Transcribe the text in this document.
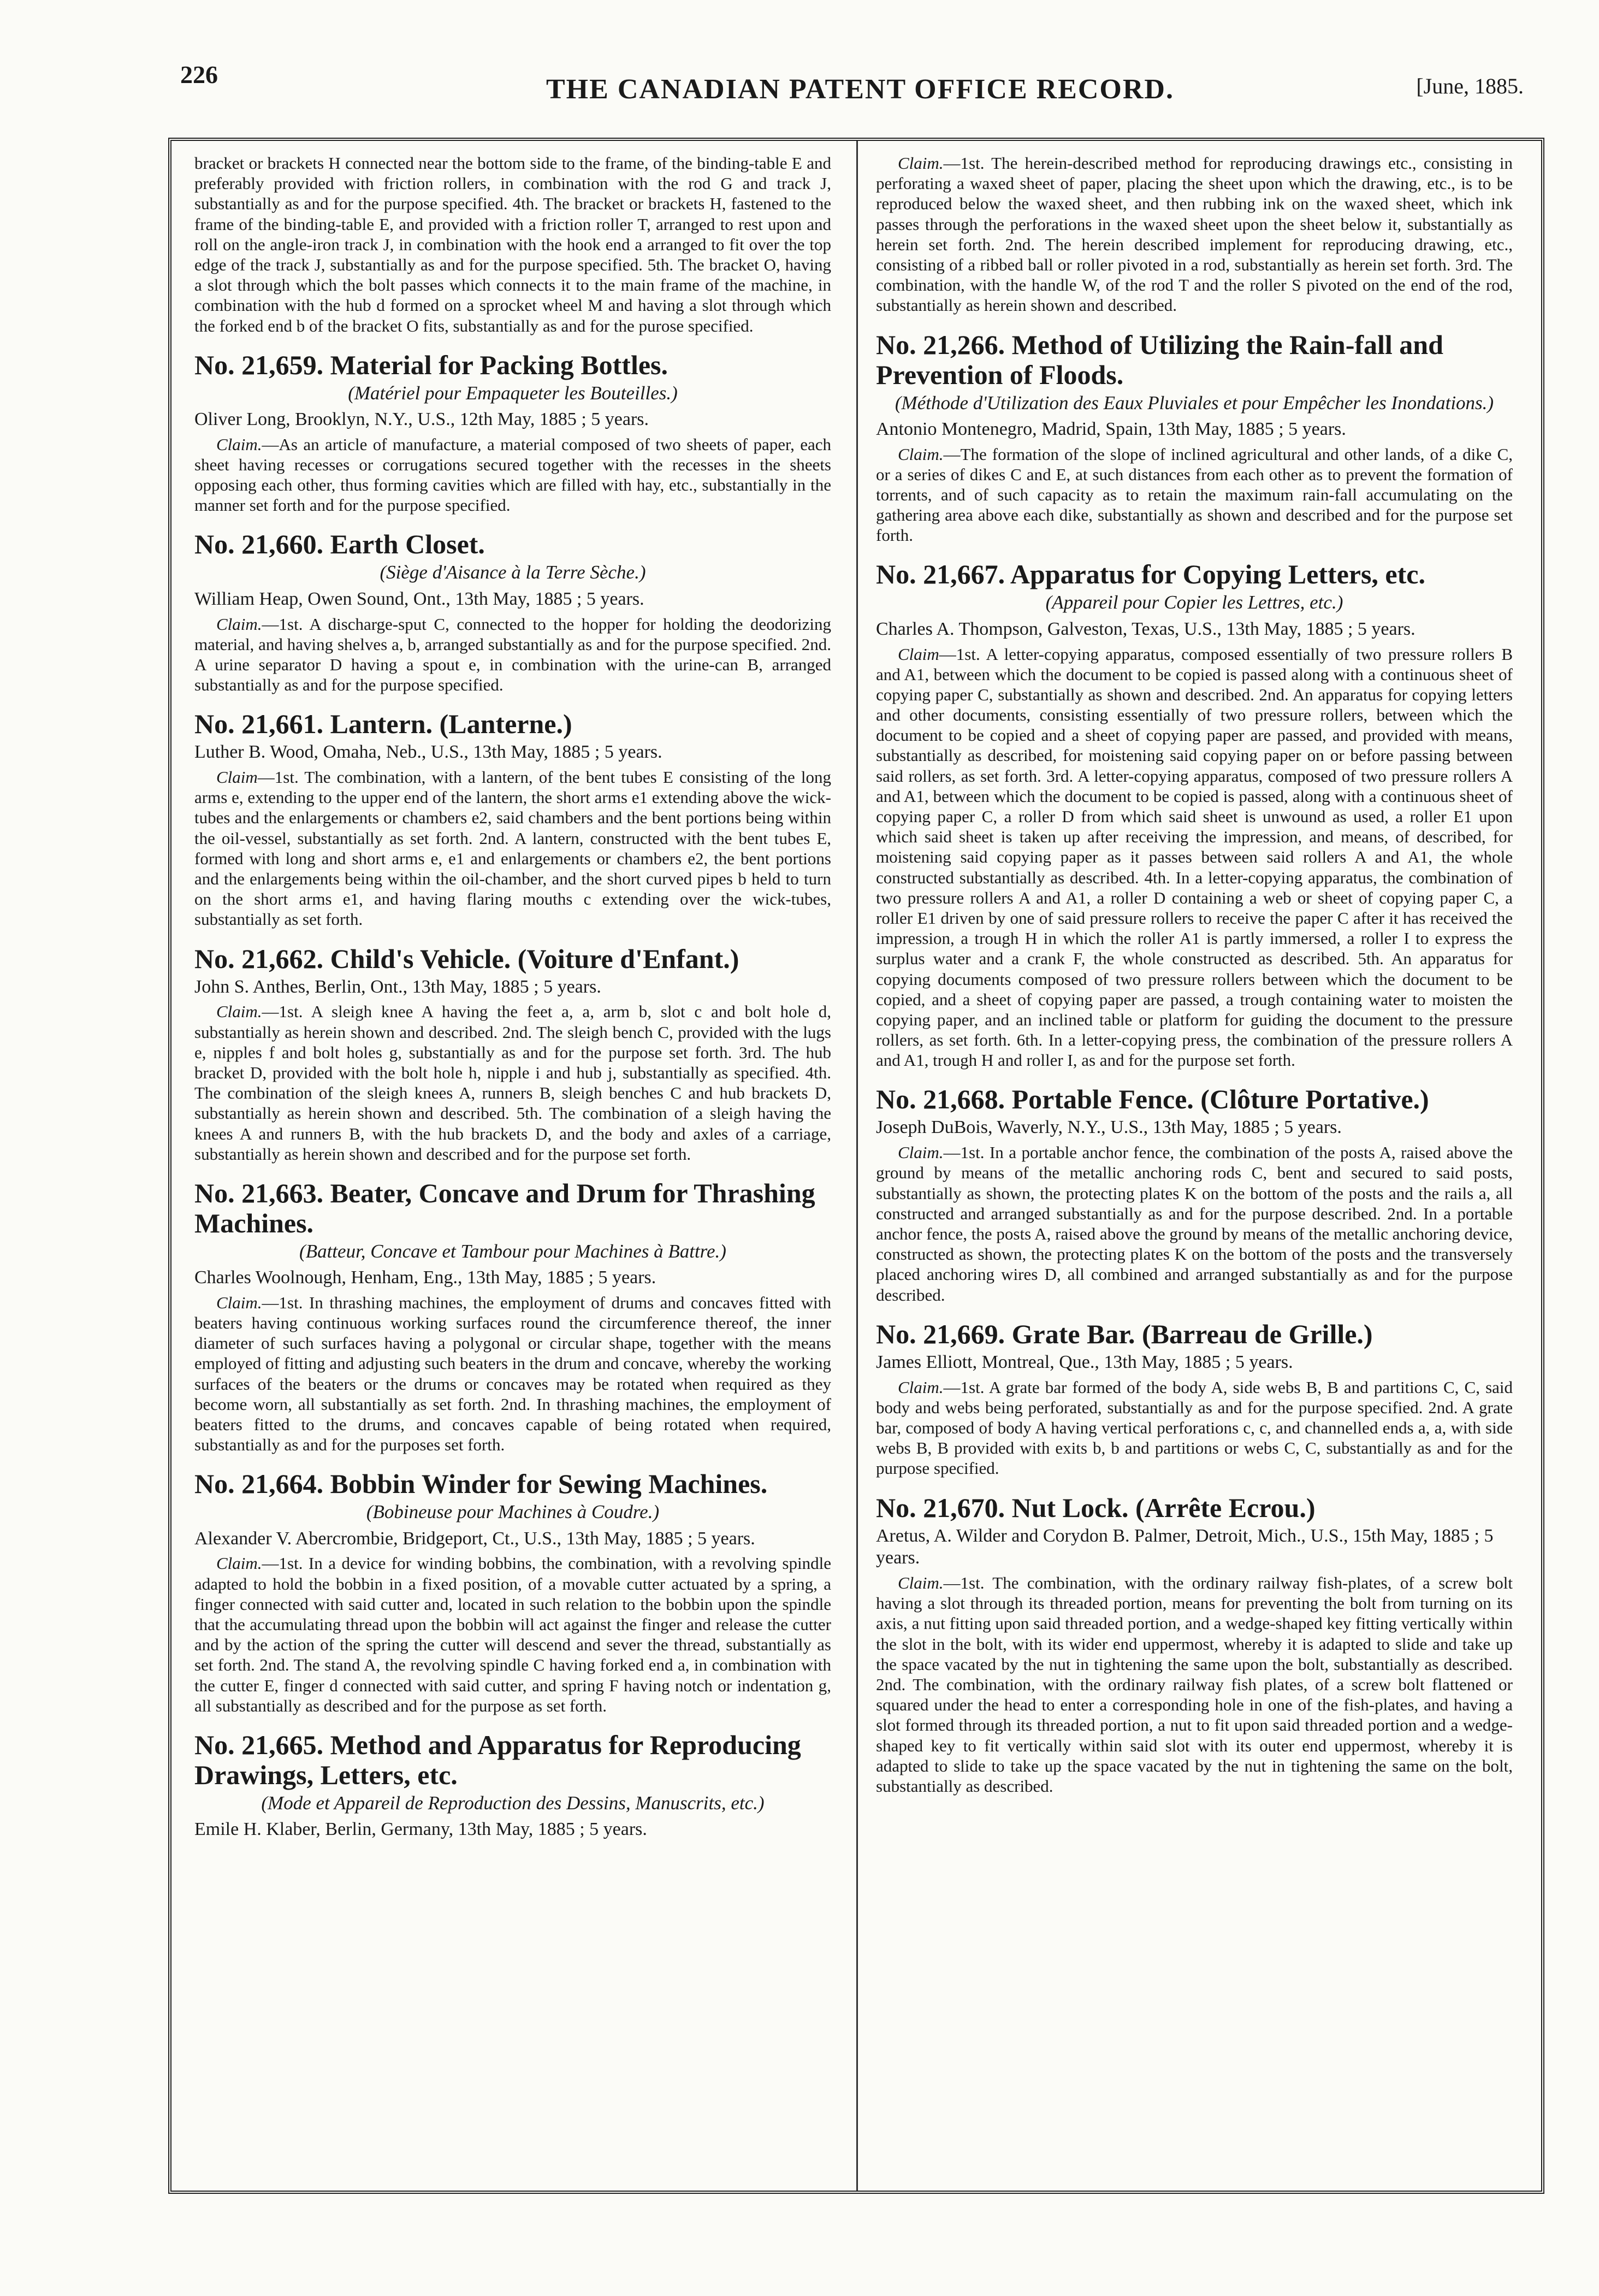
226	THE CANADIAN PATENT OFFICE RECORD.	[June, 1885.

bracket or brackets H connected near the bottom side to the frame, of the binding-table E and preferably provided with friction rollers, in combination with the rod G and track J, substantially as and for the purpose specified. 4th. The bracket or brackets H, fastened to the frame of the binding-table E, and provided with a friction roller T, arranged to rest upon and roll on the angle-iron track J, in combination with the hook end a arranged to fit over the top edge of the track J, substantially as and for the purpose specified. 5th. The bracket O, having a slot through which the bolt passes which connects it to the main frame of the machine, in combination with the hub d formed on a sprocket wheel M and having a slot through which the forked end b of the bracket O fits, substantially as and for the purose specified.

No. 21,659. Material for Packing Bottles.
(Matériel pour Empaqueter les Bouteilles.)
Oliver Long, Brooklyn, N.Y., U.S., 12th May, 1885 ; 5 years.

Claim.—As an article of manufacture, a material composed of two sheets of paper, each sheet having recesses or corrugations secured together with the recesses in the sheets opposing each other, thus forming cavities which are filled with hay, etc., substantially in the manner set forth and for the purpose specified.

No. 21,660. Earth Closet.
(Siège d'Aisance à la Terre Sèche.)
William Heap, Owen Sound, Ont., 13th May, 1885 ; 5 years.

Claim.—1st. A discharge-sput C, connected to the hopper for holding the deodorizing material, and having shelves a, b, arranged substantially as and for the purpose specified. 2nd. A urine separator D having a spout e, in combination with the urine-can B, arranged substantially as and for the purpose specified.

No. 21,661. Lantern. (Lanterne.)
Luther B. Wood, Omaha, Neb., U.S., 13th May, 1885 ; 5 years.

Claim—1st. The combination, with a lantern, of the bent tubes E consisting of the long arms e, extending to the upper end of the lantern, the short arms e1 extending above the wick-tubes and the enlargements or chambers e2, said chambers and the bent portions being within the oil-vessel, substantially as set forth. 2nd. A lantern, constructed with the bent tubes E, formed with long and short arms e, e1 and enlargements or chambers e2, the bent portions and the enlargements being within the oil-chamber, and the short curved pipes b held to turn on the short arms e1, and having flaring mouths c extending over the wick-tubes, substantially as set forth.

No. 21,662. Child's Vehicle. (Voiture d'Enfant.)
John S. Anthes, Berlin, Ont., 13th May, 1885 ; 5 years.

Claim.—1st. A sleigh knee A having the feet a, a, arm b, slot c and bolt hole d, substantially as herein shown and described. 2nd. The sleigh bench C, provided with the lugs e, nipples f and bolt holes g, substantially as and for the purpose set forth. 3rd. The hub bracket D, provided with the bolt hole h, nipple i and hub j, substantially as specified. 4th. The combination of the sleigh knees A, runners B, sleigh benches C and hub brackets D, substantially as herein shown and described. 5th. The combination of a sleigh having the knees A and runners B, with the hub brackets D, and the body and axles of a carriage, substantially as herein shown and described and for the purpose set forth.

No. 21,663. Beater, Concave and Drum for Thrashing Machines.
(Batteur, Concave et Tambour pour Machines à Battre.)
Charles Woolnough, Henham, Eng., 13th May, 1885 ; 5 years.

Claim.—1st. In thrashing machines, the employment of drums and concaves fitted with beaters having continuous working surfaces round the circumference thereof, the inner diameter of such surfaces having a polygonal or circular shape, together with the means employed of fitting and adjusting such beaters in the drum and concave, whereby the working surfaces of the beaters or the drums or concaves may be rotated when required as they become worn, all substantially as set forth. 2nd. In thrashing machines, the employment of beaters fitted to the drums, and concaves capable of being rotated when required, substantially as and for the purposes set forth.

No. 21,664. Bobbin Winder for Sewing Machines.
(Bobineuse pour Machines à Coudre.)
Alexander V. Abercrombie, Bridgeport, Ct., U.S., 13th May, 1885 ; 5 years.

Claim.—1st. In a device for winding bobbins, the combination, with a revolving spindle adapted to hold the bobbin in a fixed position, of a movable cutter actuated by a spring, a finger connected with said cutter and, located in such relation to the bobbin upon the spindle that the accumulating thread upon the bobbin will act against the finger and release the cutter and by the action of the spring the cutter will descend and sever the thread, substantially as set forth. 2nd. The stand A, the revolving spindle C having forked end a, in combination with the cutter E, finger d connected with said cutter, and spring F having notch or indentation g, all substantially as described and for the purpose as set forth.

No. 21,665. Method and Apparatus for Reproducing Drawings, Letters, etc.
(Mode et Appareil de Reproduction des Dessins, Manuscrits, etc.)
Emile H. Klaber, Berlin, Germany, 13th May, 1885 ; 5 years.

Claim.—1st. The herein-described method for reproducing drawings etc., consisting in perforating a waxed sheet of paper, placing the sheet upon which the drawing, etc., is to be reproduced below the waxed sheet, and then rubbing ink on the waxed sheet, which ink passes through the perforations in the waxed sheet upon the sheet below it, substantially as herein set forth. 2nd. The herein described implement for reproducing drawing, etc., consisting of a ribbed ball or roller pivoted in a rod, substantially as herein set forth. 3rd. The combination, with the handle W, of the rod T and the roller S pivoted on the end of the rod, substantially as herein shown and described.

No. 21,266. Method of Utilizing the Rain-fall and Prevention of Floods.
(Méthode d'Utilization des Eaux Pluviales et pour Empêcher les Inondations.)
Antonio Montenegro, Madrid, Spain, 13th May, 1885 ; 5 years.

Claim.—The formation of the slope of inclined agricultural and other lands, of a dike C, or a series of dikes C and E, at such distances from each other as to prevent the formation of torrents, and of such capacity as to retain the maximum rain-fall accumulating on the gathering area above each dike, substantially as shown and described and for the purpose set forth.

No. 21,667. Apparatus for Copying Letters, etc.
(Appareil pour Copier les Lettres, etc.)
Charles A. Thompson, Galveston, Texas, U.S., 13th May, 1885 ; 5 years.

Claim—1st. A letter-copying apparatus, composed essentially of two pressure rollers B and A1, between which the document to be copied is passed along with a continuous sheet of copying paper C, substantially as shown and described. 2nd. An apparatus for copying letters and other documents, consisting essentially of two pressure rollers, between which the document to be copied and a sheet of copying paper are passed, and provided with means, substantially as described, for moistening said copying paper on or before passing between said rollers, as set forth. 3rd. A letter-copying apparatus, composed of two pressure rollers A and A1, between which the document to be copied is passed, along with a continuous sheet of copying paper C, a roller D from which said sheet is unwound as used, a roller E1 upon which said sheet is taken up after receiving the impression, and means, of described, for moistening said copying paper as it passes between said rollers A and A1, the whole constructed substantially as described. 4th. In a letter-copying apparatus, the combination of two pressure rollers A and A1, a roller D containing a web or sheet of copying paper C, a roller E1 driven by one of said pressure rollers to receive the paper C after it has received the impression, a trough H in which the roller A1 is partly immersed, a roller I to express the surplus water and a crank F, the whole constructed as described. 5th. An apparatus for copying documents composed of two pressure rollers between which the document to be copied, and a sheet of copying paper are passed, a trough containing water to moisten the copying paper, and an inclined table or platform for guiding the document to the pressure rollers, as set forth. 6th. In a letter-copying press, the combination of the pressure rollers A and A1, trough H and roller I, as and for the purpose set forth.

No. 21,668. Portable Fence. (Clôture Portative.)
Joseph DuBois, Waverly, N.Y., U.S., 13th May, 1885 ; 5 years.

Claim.—1st. In a portable anchor fence, the combination of the posts A, raised above the ground by means of the metallic anchoring rods C, bent and secured to said posts, substantially as shown, the protecting plates K on the bottom of the posts and the rails a, all constructed and arranged substantially as and for the purpose described. 2nd. In a portable anchor fence, the posts A, raised above the ground by means of the metallic anchoring device, constructed as shown, the protecting plates K on the bottom of the posts and the transversely placed anchoring wires D, all combined and arranged substantially as and for the purpose described.

No. 21,669. Grate Bar. (Barreau de Grille.)
James Elliott, Montreal, Que., 13th May, 1885 ; 5 years.

Claim.—1st. A grate bar formed of the body A, side webs B, B and partitions C, C, said body and webs being perforated, substantially as and for the purpose specified. 2nd. A grate bar, composed of body A having vertical perforations c, c, and channelled ends a, a, with side webs B, B provided with exits b, b and partitions or webs C, C, substantially as and for the purpose specified.

No. 21,670. Nut Lock. (Arrête Ecrou.)
Aretus, A. Wilder and Corydon B. Palmer, Detroit, Mich., U.S., 15th May, 1885 ; 5 years.

Claim.—1st. The combination, with the ordinary railway fish-plates, of a screw bolt having a slot through its threaded portion, means for preventing the bolt from turning on its axis, a nut fitting upon said threaded portion, and a wedge-shaped key fitting vertically within the slot in the bolt, with its wider end uppermost, whereby it is adapted to slide and take up the space vacated by the nut in tightening the same upon the bolt, substantially as described. 2nd. The combination, with the ordinary railway fish plates, of a screw bolt flattened or squared under the head to enter a corresponding hole in one of the fish-plates, and having a slot formed through its threaded portion, a nut to fit upon said threaded portion and a wedge-shaped key to fit vertically within said slot with its outer end uppermost, whereby it is adapted to slide to take up the space vacated by the nut in tightening the same on the bolt, substantially as described.
